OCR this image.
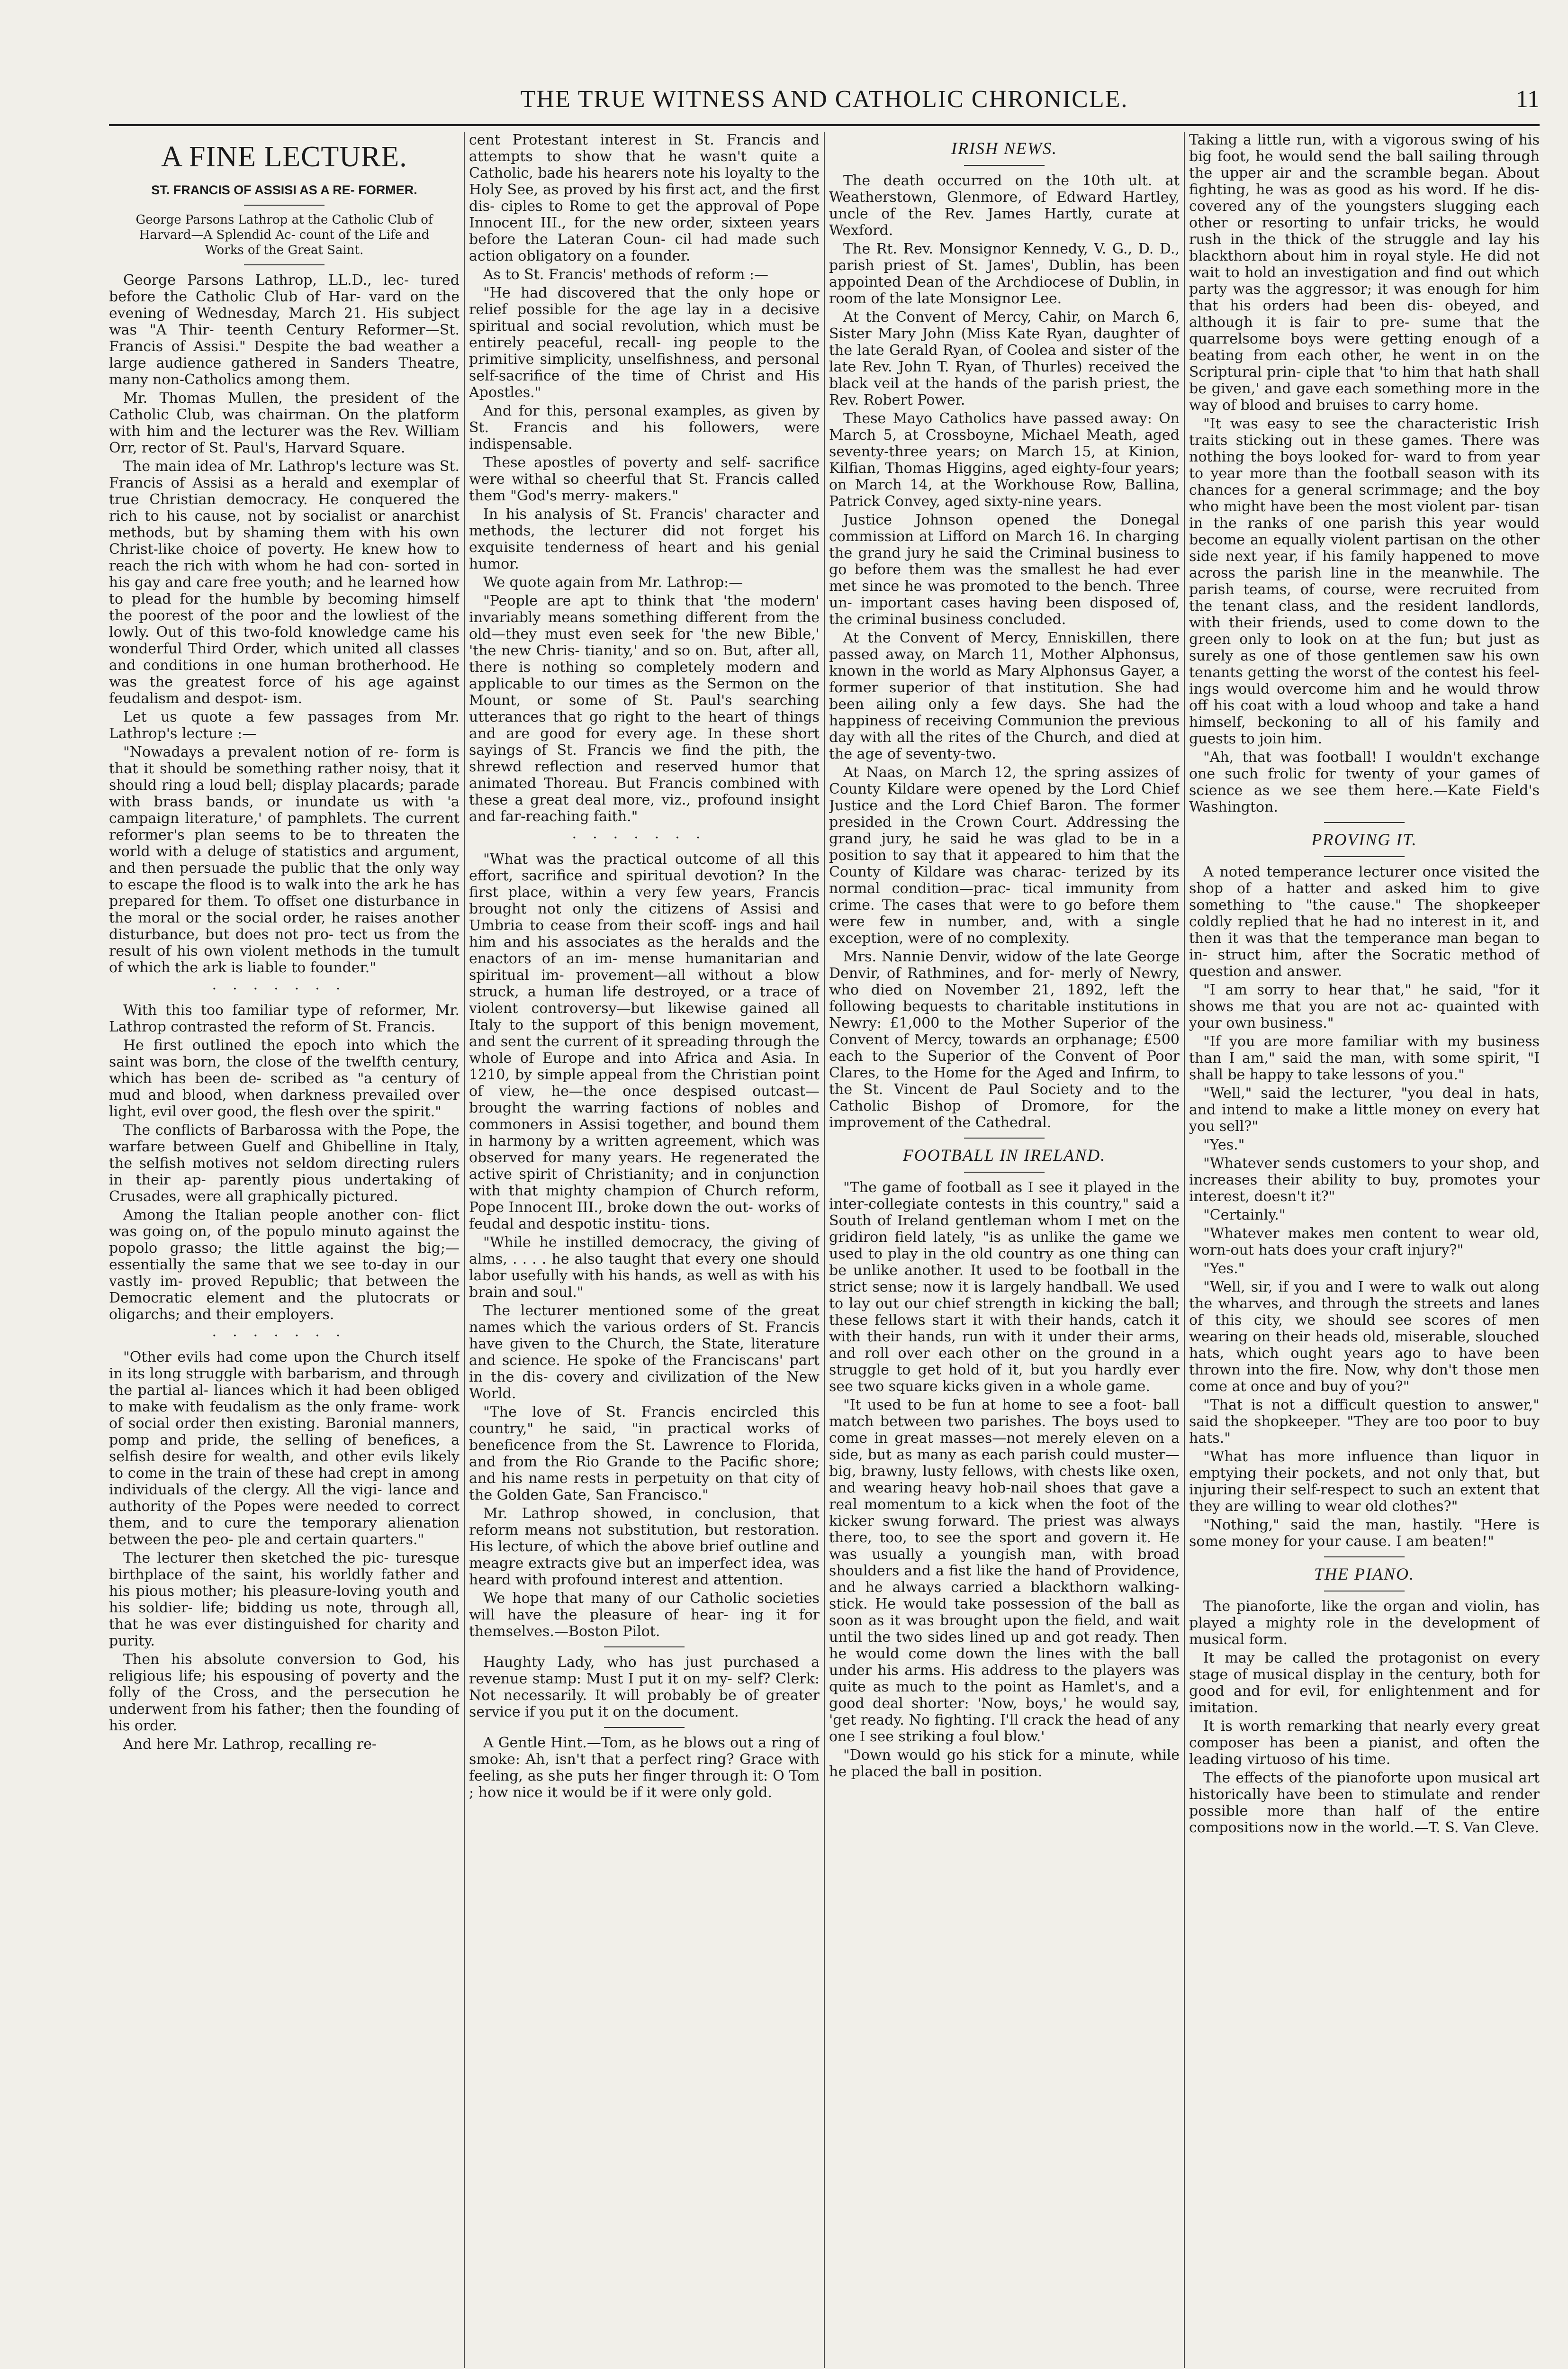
THE TRUE WITNESS AND CATHOLIC CHRONICLE.	11
A FINE LECTURE.
ST. FRANCIS OF ASSISI AS A RE- FORMER.
George Parsons Lathrop at the Catholic Club of Harvard—A Splendid Ac- count of the Life and Works of the Great Saint.

George Parsons Lathrop, LL.D., lec- tured before the Catholic Club of Har- vard on the evening of Wednesday, March 21. His subject was "A Thir- teenth Century Reformer—St. Francis of Assisi." Despite the bad weather a large audience gathered in Sanders Theatre, many non-Catholics among them.

Mr. Thomas Mullen, the president of the Catholic Club, was chairman. On the platform with him and the lecturer was the Rev. William Orr, rector of St. Paul's, Harvard Square.

The main idea of Mr. Lathrop's lecture was St. Francis of Assisi as a herald and exemplar of true Christian democracy. He conquered the rich to his cause, not by socialist or anarchist methods, but by shaming them with his own Christ-like choice of poverty. He knew how to reach the rich with whom he had con- sorted in his gay and care free youth; and he learned how to plead for the humble by becoming himself the poorest of the poor and the lowliest of the lowly. Out of this two-fold knowledge came his wonderful Third Order, which united all classes and conditions in one human brotherhood. He was the greatest force of his age against feudalism and despot- ism.

Let us quote a few passages from Mr. Lathrop's lecture :—

"Nowadays a prevalent notion of re- form is that it should be something rather noisy, that it should ring a loud bell; display placards; parade with brass bands, or inundate us with 'a campaign literature,' of pamphlets. The current reformer's plan seems to be to threaten the world with a deluge of statistics and argument, and then persuade the public that the only way to escape the flood is to walk into the ark he has prepared for them. To offset one disturbance in the moral or the social order, he raises another disturbance, but does not pro- tect us from the result of his own violent methods in the tumult of which the ark is liable to founder."

·······

With this too familiar type of reformer, Mr. Lathrop contrasted the reform of St. Francis.

He first outlined the epoch into which the saint was born, the close of the twelfth century, which has been de- scribed as "a century of mud and blood, when darkness prevailed over light, evil over good, the flesh over the spirit."

The conflicts of Barbarossa with the Pope, the warfare between Guelf and Ghibelline in Italy, the selfish motives not seldom directing rulers in their ap- parently pious undertaking of Crusades, were all graphically pictured.

Among the Italian people another con- flict was going on, of the populo minuto against the popolo grasso; the little against the big;—essentially the same that we see to-day in our vastly im- proved Republic; that between the Democratic element and the plutocrats or oligarchs; and their employers.

·······

"Other evils had come upon the Church itself in its long struggle with barbarism, and through the partial al- liances which it had been obliged to make with feudalism as the only frame- work of social order then existing. Baronial manners, pomp and pride, the selling of benefices, a selfish desire for wealth, and other evils likely to come in the train of these had crept in among individuals of the clergy. All the vigi- lance and authority of the Popes were needed to correct them, and to cure the temporary alienation between the peo- ple and certain quarters."

The lecturer then sketched the pic- turesque birthplace of the saint, his worldly father and his pious mother; his pleasure-loving youth and his soldier- life; bidding us note, through all, that he was ever distinguished for charity and purity.

Then his absolute conversion to God, his religious life; his espousing of poverty and the folly of the Cross, and the persecution he underwent from his father; then the founding of his order.

And here Mr. Lathrop, recalling re-

cent Protestant interest in St. Francis and attempts to show that he wasn't quite a Catholic, bade his hearers note his loyalty to the Holy See, as proved by his first act, and the first dis- ciples to Rome to get the approval of Pope Innocent III., for the new order, sixteen years before the Lateran Coun- cil had made such action obligatory on a founder.

As to St. Francis' methods of reform :—

"He had discovered that the only hope or relief possible for the age lay in a decisive spiritual and social revolution, which must be entirely peaceful, recall- ing people to the primitive simplicity, unselfishness, and personal self-sacrifice of the time of Christ and His Apostles."

And for this, personal examples, as given by St. Francis and his followers, were indispensable.

These apostles of poverty and self- sacrifice were withal so cheerful that St. Francis called them "God's merry- makers."

In his analysis of St. Francis' character and methods, the lecturer did not forget his exquisite tenderness of heart and his genial humor.

We quote again from Mr. Lathrop:—

"People are apt to think that 'the modern' invariably means something different from the old—they must even seek for 'the new Bible,' 'the new Chris- tianity,' and so on. But, after all, there is nothing so completely modern and applicable to our times as the Sermon on the Mount, or some of St. Paul's searching utterances that go right to the heart of things and are good for every age. In these short sayings of St. Francis we find the pith, the shrewd reflection and reserved humor that animated Thoreau. But Francis combined with these a great deal more, viz., profound insight and far-reaching faith."

·······

"What was the practical outcome of all this effort, sacrifice and spiritual devotion? In the first place, within a very few years, Francis brought not only the citizens of Assisi and Umbria to cease from their scoff- ings and hail him and his associates as the heralds and the enactors of an im- mense humanitarian and spiritual im- provement—all without a blow struck, a human life destroyed, or a trace of violent controversy—but likewise gained all Italy to the support of this benign movement, and sent the current of it spreading through the whole of Europe and into Africa and Asia. In 1210, by simple appeal from the Christian point of view, he—the once despised outcast— brought the warring factions of nobles and commoners in Assisi together, and bound them in harmony by a written agreement, which was observed for many years. He regenerated the active spirit of Christianity; and in conjunction with that mighty champion of Church reform, Pope Innocent III., broke down the out- works of feudal and despotic institu- tions.

"While he instilled democracy, the giving of alms, . . . . he also taught that every one should labor usefully with his hands, as well as with his brain and soul."

The lecturer mentioned some of the great names which the various orders of St. Francis have given to the Church, the State, literature and science. He spoke of the Franciscans' part in the dis- covery and civilization of the New World.

"The love of St. Francis encircled this country," he said, "in practical works of beneficence from the St. Lawrence to Florida, and from the Rio Grande to the Pacific shore; and his name rests in perpetuity on that city of the Golden Gate, San Francisco."

Mr. Lathrop showed, in conclusion, that reform means not substitution, but restoration. His lecture, of which the above brief outline and meagre extracts give but an imperfect idea, was heard with profound interest and attention.

We hope that many of our Catholic societies will have the pleasure of hear- ing it for themselves.—Boston Pilot.

Haughty Lady, who has just purchased a revenue stamp: Must I put it on my- self? Clerk: Not necessarily. It will probably be of greater service if you put it on the document.

A Gentle Hint.—Tom, as he blows out a ring of smoke: Ah, isn't that a perfect ring? Grace with feeling, as she puts her finger through it: O Tom ; how nice it would be if it were only gold.

IRISH NEWS.

The death occurred on the 10th ult. at Weatherstown, Glenmore, of Edward Hartley, uncle of the Rev. James Hartly, curate at Wexford.

The Rt. Rev. Monsignor Kennedy, V. G., D. D., parish priest of St. James', Dublin, has been appointed Dean of the Archdiocese of Dublin, in room of the late Monsignor Lee.

At the Convent of Mercy, Cahir, on March 6, Sister Mary John (Miss Kate Ryan, daughter of the late Gerald Ryan, of Coolea and sister of the late Rev. John T. Ryan, of Thurles) received the black veil at the hands of the parish priest, the Rev. Robert Power.

These Mayo Catholics have passed away: On March 5, at Crossboyne, Michael Meath, aged seventy-three years; on March 15, at Kinion, Kilfian, Thomas Higgins, aged eighty-four years; on March 14, at the Workhouse Row, Ballina, Patrick Convey, aged sixty-nine years.

Justice Johnson opened the Donegal commission at Lifford on March 16. In charging the grand jury he said the Criminal business to go before them was the smallest he had ever met since he was promoted to the bench. Three un- important cases having been disposed of, the criminal business concluded.

At the Convent of Mercy, Enniskillen, there passed away, on March 11, Mother Alphonsus, known in the world as Mary Alphonsus Gayer, a former superior of that institution. She had been ailing only a few days. She had the happiness of receiving Communion the previous day with all the rites of the Church, and died at the age of seventy-two.

At Naas, on March 12, the spring assizes of County Kildare were opened by the Lord Chief Justice and the Lord Chief Baron. The former presided in the Crown Court. Addressing the grand jury, he said he was glad to be in a position to say that it appeared to him that the County of Kildare was charac- terized by its normal condition—prac- tical immunity from crime. The cases that were to go before them were few in number, and, with a single exception, were of no complexity.

Mrs. Nannie Denvir, widow of the late George Denvir, of Rathmines, and for- merly of Newry, who died on November 21, 1892, left the following bequests to charitable institutions in Newry: £1,000 to the Mother Superior of the Convent of Mercy, towards an orphanage; £500 each to the Superior of the Convent of Poor Clares, to the Home for the Aged and Infirm, to the St. Vincent de Paul Society and to the Catholic Bishop of Dromore, for the improvement of the Cathedral.

FOOTBALL IN IRELAND.

"The game of football as I see it played in the inter-collegiate contests in this country," said a South of Ireland gentleman whom I met on the gridiron field lately, "is as unlike the game we used to play in the old country as one thing can be unlike another. It used to be football in the strict sense; now it is largely handball. We used to lay out our chief strength in kicking the ball; these fellows start it with their hands, catch it with their hands, run with it under their arms, and roll over each other on the ground in a struggle to get hold of it, but you hardly ever see two square kicks given in a whole game.

"It used to be fun at home to see a foot- ball match between two parishes. The boys used to come in great masses—not merely eleven on a side, but as many as each parish could muster—big, brawny, lusty fellows, with chests like oxen, and wearing heavy hob-nail shoes that gave a real momentum to a kick when the foot of the kicker swung forward. The priest was always there, too, to see the sport and govern it. He was usually a youngish man, with broad shoulders and a fist like the hand of Providence, and he always carried a blackthorn walking- stick. He would take possession of the ball as soon as it was brought upon the field, and wait until the two sides lined up and got ready. Then he would come down the lines with the ball under his arms. His address to the players was quite as much to the point as Hamlet's, and a good deal shorter: 'Now, boys,' he would say, 'get ready. No fighting. I'll crack the head of any one I see striking a foul blow.'

"Down would go his stick for a minute, while he placed the ball in position.

Taking a little run, with a vigorous swing of his big foot, he would send the ball sailing through the upper air and the scramble began. About fighting, he was as good as his word. If he dis- covered any of the youngsters slugging each other or resorting to unfair tricks, he would rush in the thick of the struggle and lay his blackthorn about him in royal style. He did not wait to hold an investigation and find out which party was the aggressor; it was enough for him that his orders had been dis- obeyed, and although it is fair to pre- sume that the quarrelsome boys were getting enough of a beating from each other, he went in on the Scriptural prin- ciple that 'to him that hath shall be given,' and gave each something more in the way of blood and bruises to carry home.

"It was easy to see the characteristic Irish traits sticking out in these games. There was nothing the boys looked for- ward to from year to year more than the football season with its chances for a general scrimmage; and the boy who might have been the most violent par- tisan in the ranks of one parish this year would become an equally violent partisan on the other side next year, if his family happened to move across the parish line in the meanwhile. The parish teams, of course, were recruited from the tenant class, and the resident landlords, with their friends, used to come down to the green only to look on at the fun; but just as surely as one of those gentlemen saw his own tenants getting the worst of the contest his feel- ings would overcome him and he would throw off his coat with a loud whoop and take a hand himself, beckoning to all of his family and guests to join him.

"Ah, that was football! I wouldn't exchange one such frolic for twenty of your games of science as we see them here.—Kate Field's Washington.

PROVING IT.

A noted temperance lecturer once visited the shop of a hatter and asked him to give something to "the cause." The shopkeeper coldly replied that he had no interest in it, and then it was that the temperance man began to in- struct him, after the Socratic method of question and answer.

"I am sorry to hear that," he said, "for it shows me that you are not ac- quainted with your own business."

"If you are more familiar with my business than I am," said the man, with some spirit, "I shall be happy to take lessons of you."

"Well," said the lecturer, "you deal in hats, and intend to make a little money on every hat you sell?"

"Yes."

"Whatever sends customers to your shop, and increases their ability to buy, promotes your interest, doesn't it?"

"Certainly."

"Whatever makes men content to wear old, worn-out hats does your craft injury?"

"Yes."

"Well, sir, if you and I were to walk out along the wharves, and through the streets and lanes of this city, we should see scores of men wearing on their heads old, miserable, slouched hats, which ought years ago to have been thrown into the fire. Now, why don't those men come at once and buy of you?"

"That is not a difficult question to answer," said the shopkeeper. "They are too poor to buy hats."

"What has more influence than liquor in emptying their pockets, and not only that, but injuring their self-respect to such an extent that they are willing to wear old clothes?"

"Nothing," said the man, hastily. "Here is some money for your cause. I am beaten!"

THE PIANO.

The pianoforte, like the organ and violin, has played a mighty role in the development of musical form.

It may be called the protagonist on every stage of musical display in the century, both for good and for evil, for enlightenment and for imitation.

It is worth remarking that nearly every great composer has been a pianist, and often the leading virtuoso of his time.

The effects of the pianoforte upon musical art historically have been to stimulate and render possible more than half of the entire compositions now in the world.—T. S. Van Cleve.
